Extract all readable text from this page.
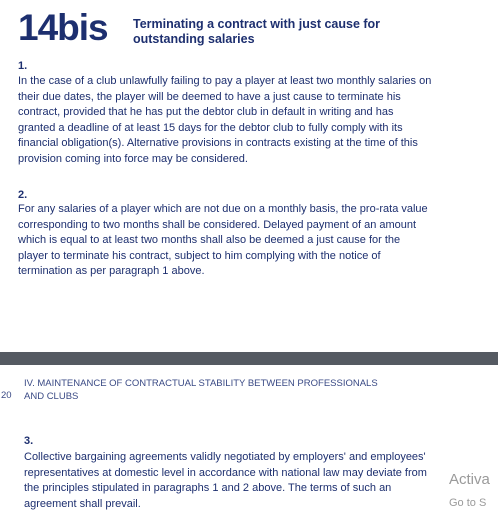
14bis Terminating a contract with just cause for outstanding salaries
1.
In the case of a club unlawfully failing to pay a player at least two monthly salaries on their due dates, the player will be deemed to have a just cause to terminate his contract, provided that he has put the debtor club in default in writing and has granted a deadline of at least 15 days for the debtor club to fully comply with its financial obligation(s). Alternative provisions in contracts existing at the time of this provision coming into force may be considered.
2.
For any salaries of a player which are not due on a monthly basis, the pro-rata value corresponding to two months shall be considered. Delayed payment of an amount which is equal to at least two months shall also be deemed a just cause for the player to terminate his contract, subject to him complying with the notice of termination as per paragraph 1 above.
IV. MAINTENANCE OF CONTRACTUAL STABILITY BETWEEN PROFESSIONALS AND CLUBS
20
3.
Collective bargaining agreements validly negotiated by employers' and employees' representatives at domestic level in accordance with national law may deviate from the principles stipulated in paragraphs 1 and 2 above. The terms of such an agreement shall prevail.
Activa
Go to S
